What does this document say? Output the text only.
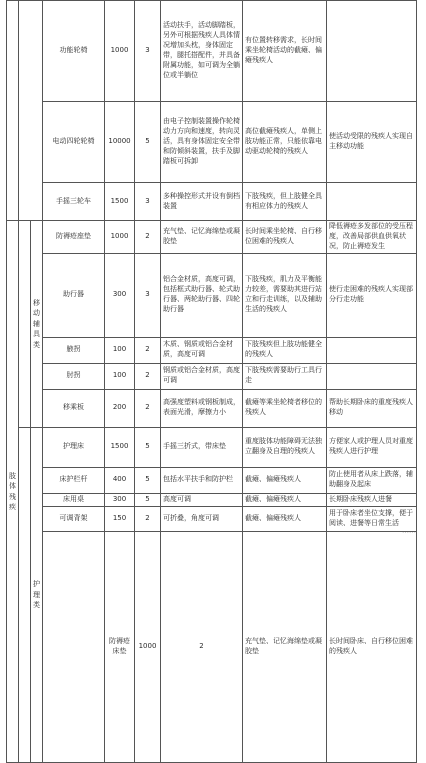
			功能轮椅	1000	3	活动扶手，活动脚踏板，另外可根据残疾人具体情况增加头枕，身体固定带，腿托搭配件，并具备附属功能，如可调为全躺位或半躺位	有位置转移需求，长时间乘坐轮椅活动的截瘫、偏瘫残疾人		
			电动四轮轮椅	10000	5	由电子控制装置操作轮椅动力方向和速度，转向灵活，具有身体固定安全带和防倾斜装置，扶手及脚踏板可拆卸	高位截瘫残疾人，单侧上肢功能正常，只能依靠电动驱动轮椅的残疾人	使活动受限的残疾人实现自主移动功能	
			手摇三轮车	1500	3	多种操控形式并设有倒档装置	下肢残疾，但上肢健全具有相应体力的残疾人		
肢体残疾		移动辅具类	防褥疮座垫	1000	2	充气垫、记忆海绵垫或凝胶垫	长时间乘坐轮椅、自行移位困难的残疾人	降低褥疮多发部位的受压程度，改善局部供血供氧状况，防止褥疮发生	
			助行器	300	3	铝合金材质，高度可调，包括框式助行器、轮式助行器、两轮助行器、四轮助行器	下肢残疾，肌力及平衡能力较差，需要助其进行站立和行走训练，以及辅助生活的残疾人	使行走困难的残疾人实现部分行走功能	
			腋拐	100	2	木质、钢质或铝合金材质，高度可调	下肢残疾但上肢功能健全的残疾人		
			肘拐	100	2	钢质或铝合金材质，高度可调	下肢残疾需要助行工具行走		
			移乘板	200	2	高强度塑料或钢板制成，表面光滑，摩擦力小	截瘫等乘坐轮椅者移位的残疾人	帮助长期卧床的重度残疾人移动	
		护理类	护理床	1500	5	手摇三折式，带床垫	重度肢体功能障碍无法独立翻身及自理的残疾人	方便家人或护理人员对重度残疾人进行护理	
			床护栏杆	400	5	包括水平扶手和防护栏	截瘫、偏瘫残疾人	防止使用者从床上跌落，辅助翻身及起床	
			床用桌	300	5	高度可调	截瘫、偏瘫残疾人	长期卧床残疾人进餐	
			可调背架	150	2	可折叠，角度可调	截瘫、偏瘫残疾人	用于卧床者坐位支撑，便于阅读、进餐等日常生活	
				防褥疮床垫	1000	2	充气垫、记忆海绵垫或凝胶垫	长时间卧床、自行移位困难的残疾人	
……
